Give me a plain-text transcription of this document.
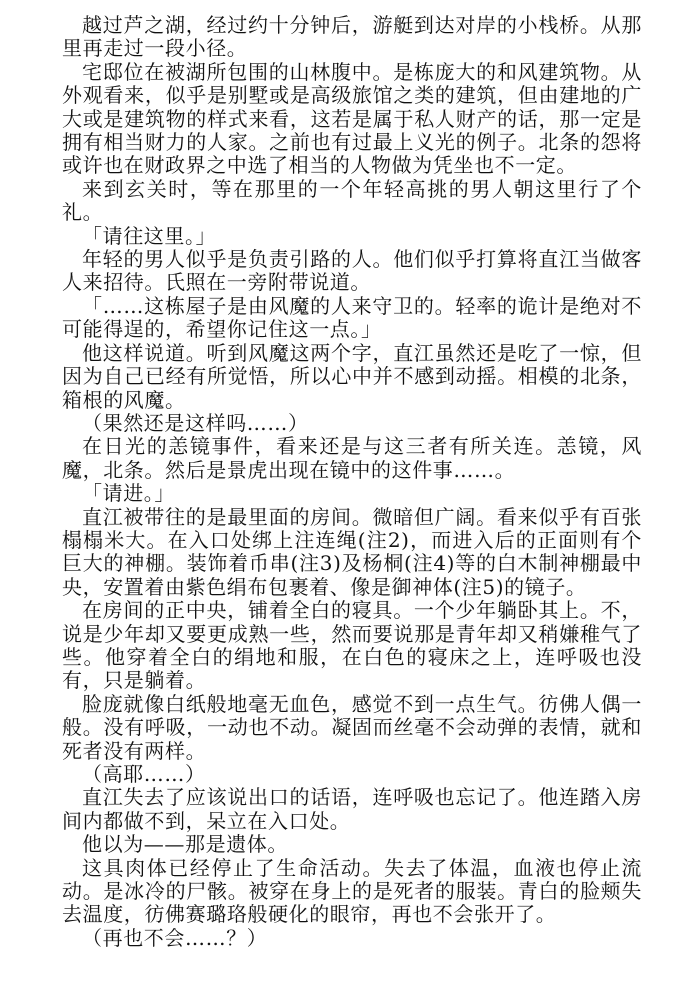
越过芦之湖，经过约十分钟后，游艇到达对岸的小栈桥。从那里再走过一段小径。

宅邸位在被湖所包围的山林腹中。是栋庞大的和风建筑物。从外观看来，似乎是别墅或是高级旅馆之类的建筑，但由建地的广大或是建筑物的样式来看，这若是属于私人财产的话，那一定是拥有相当财力的人家。之前也有过最上义光的例子。北条的怨将或许也在财政界之中选了相当的人物做为凭坐也不一定。

来到玄关时，等在那里的一个年轻高挑的男人朝这里行了个礼。

「请往这里。」

年轻的男人似乎是负责引路的人。他们似乎打算将直江当做客人来招待。氏照在一旁附带说道。

「……这栋屋子是由风魔的人来守卫的。轻率的诡计是绝对不可能得逞的，希望你记住这一点。」

他这样说道。听到风魔这两个字，直江虽然还是吃了一惊，但因为自己已经有所觉悟，所以心中并不感到动摇。相模的北条，箱根的风魔。

（果然还是这样吗……）

在日光的恙镜事件，看来还是与这三者有所关连。恙镜，风魔，北条。然后是景虎出现在镜中的这件事……。

「请进。」

直江被带往的是最里面的房间。微暗但广阔。看来似乎有百张榻榻米大。在入口处绑上注连绳(注2)，而进入后的正面则有个巨大的神棚。装饰着币串(注3)及杨桐(注4)等的白木制神棚最中央，安置着由紫色绢布包裹着、像是御神体(注5)的镜子。

在房间的正中央，铺着全白的寝具。一个少年躺卧其上。不，说是少年却又要更成熟一些，然而要说那是青年却又稍嫌稚气了些。他穿着全白的绢地和服，在白色的寝床之上，连呼吸也没有，只是躺着。

脸庞就像白纸般地毫无血色，感觉不到一点生气。彷佛人偶一般。没有呼吸，一动也不动。凝固而丝毫不会动弹的表情，就和死者没有两样。

（高耶……）

直江失去了应该说出口的话语，连呼吸也忘记了。他连踏入房间内都做不到，呆立在入口处。

他以为——那是遗体。

这具肉体已经停止了生命活动。失去了体温，血液也停止流动。是冰冷的尸骸。被穿在身上的是死者的服装。青白的脸颊失去温度，彷佛赛璐珞般硬化的眼帘，再也不会张开了。

（再也不会……？）
